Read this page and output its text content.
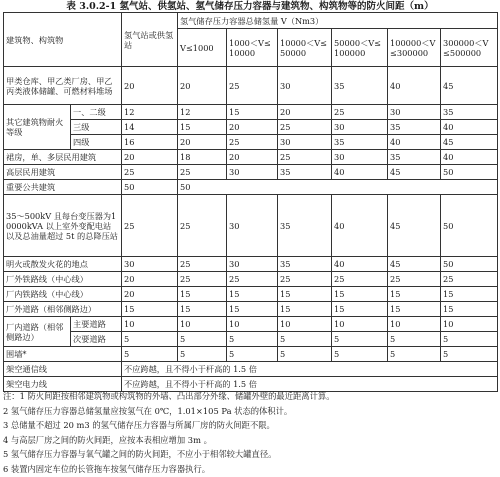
表 3.0.2-1 氢气站、供氢站、氢气储存压力容器与建筑物、构筑物等的防火间距（m）
建筑物、构筑物		氢气站或供氢站	氢气储存压力容器总储氢量 V（Nm3）					
			V≤1000	1000＜V≤10000	10000＜V≤50000	50000＜V≤100000	100000＜V≤300000	300000＜V≤500000
甲类仓库、甲乙类厂房、甲乙丙类液体储罐、可燃材料堆场		20	20	25	30	35	40	45
其它建筑物耐火等级	一、二级	12	12	15	20	25	30	35
	三级	14	15	20	25	30	35	40
	四级	16	20	25	30	35	40	45
裙房，单、多层民用建筑		20	18	20	25	30	35	40
高层民用建筑		25	25	30	35	40	45	50
重要公共建筑		50	50					
35～500kV 且每台变压器为10000kVA 以上室外变配电站以及总油量超过 5t 的总降压站		25	25	30	35	40	45	50
明火或散发火花的地点		30	25	30	35	40	45	50
厂外铁路线（中心线）		20	25	25	25	25	25	25
厂内铁路线（中心线）		20	15	15	15	15	15	15
厂外道路（相邻侧路边）		15	15	15	15	15	15	15
厂内道路（相邻侧路边）	主要道路	10	10	10	10	10	10	10
	次要道路	5	5	5	5	5	5	5
围墙*		5	5	5	5	5	5	5
架空通信线		不应跨越，且不得小于杆高的 1.5 倍						
架空电力线		不应跨越，且不得小于杆高的 1.5 倍						
注：1 防火间距按相邻建筑物或构筑物的外墙、凸出部分外缘、储罐外壁的最近距离计算。
2 氢气储存压力容器总储氢量应按氢气在 0℃，1.01×105 Pa 状态的体积计。
3 总储量不超过 20 m3 的氢气储存压力容器与所属厂房的防火间距不限。
4 与高层厂房之间的防火间距，应按本表相应增加 3m 。
5 氢气储存压力容器与氧气罐之间的防火间距，不应小于相邻较大罐直径。
6 装置内固定车位的长管拖车按氢气储存压力容器执行。
